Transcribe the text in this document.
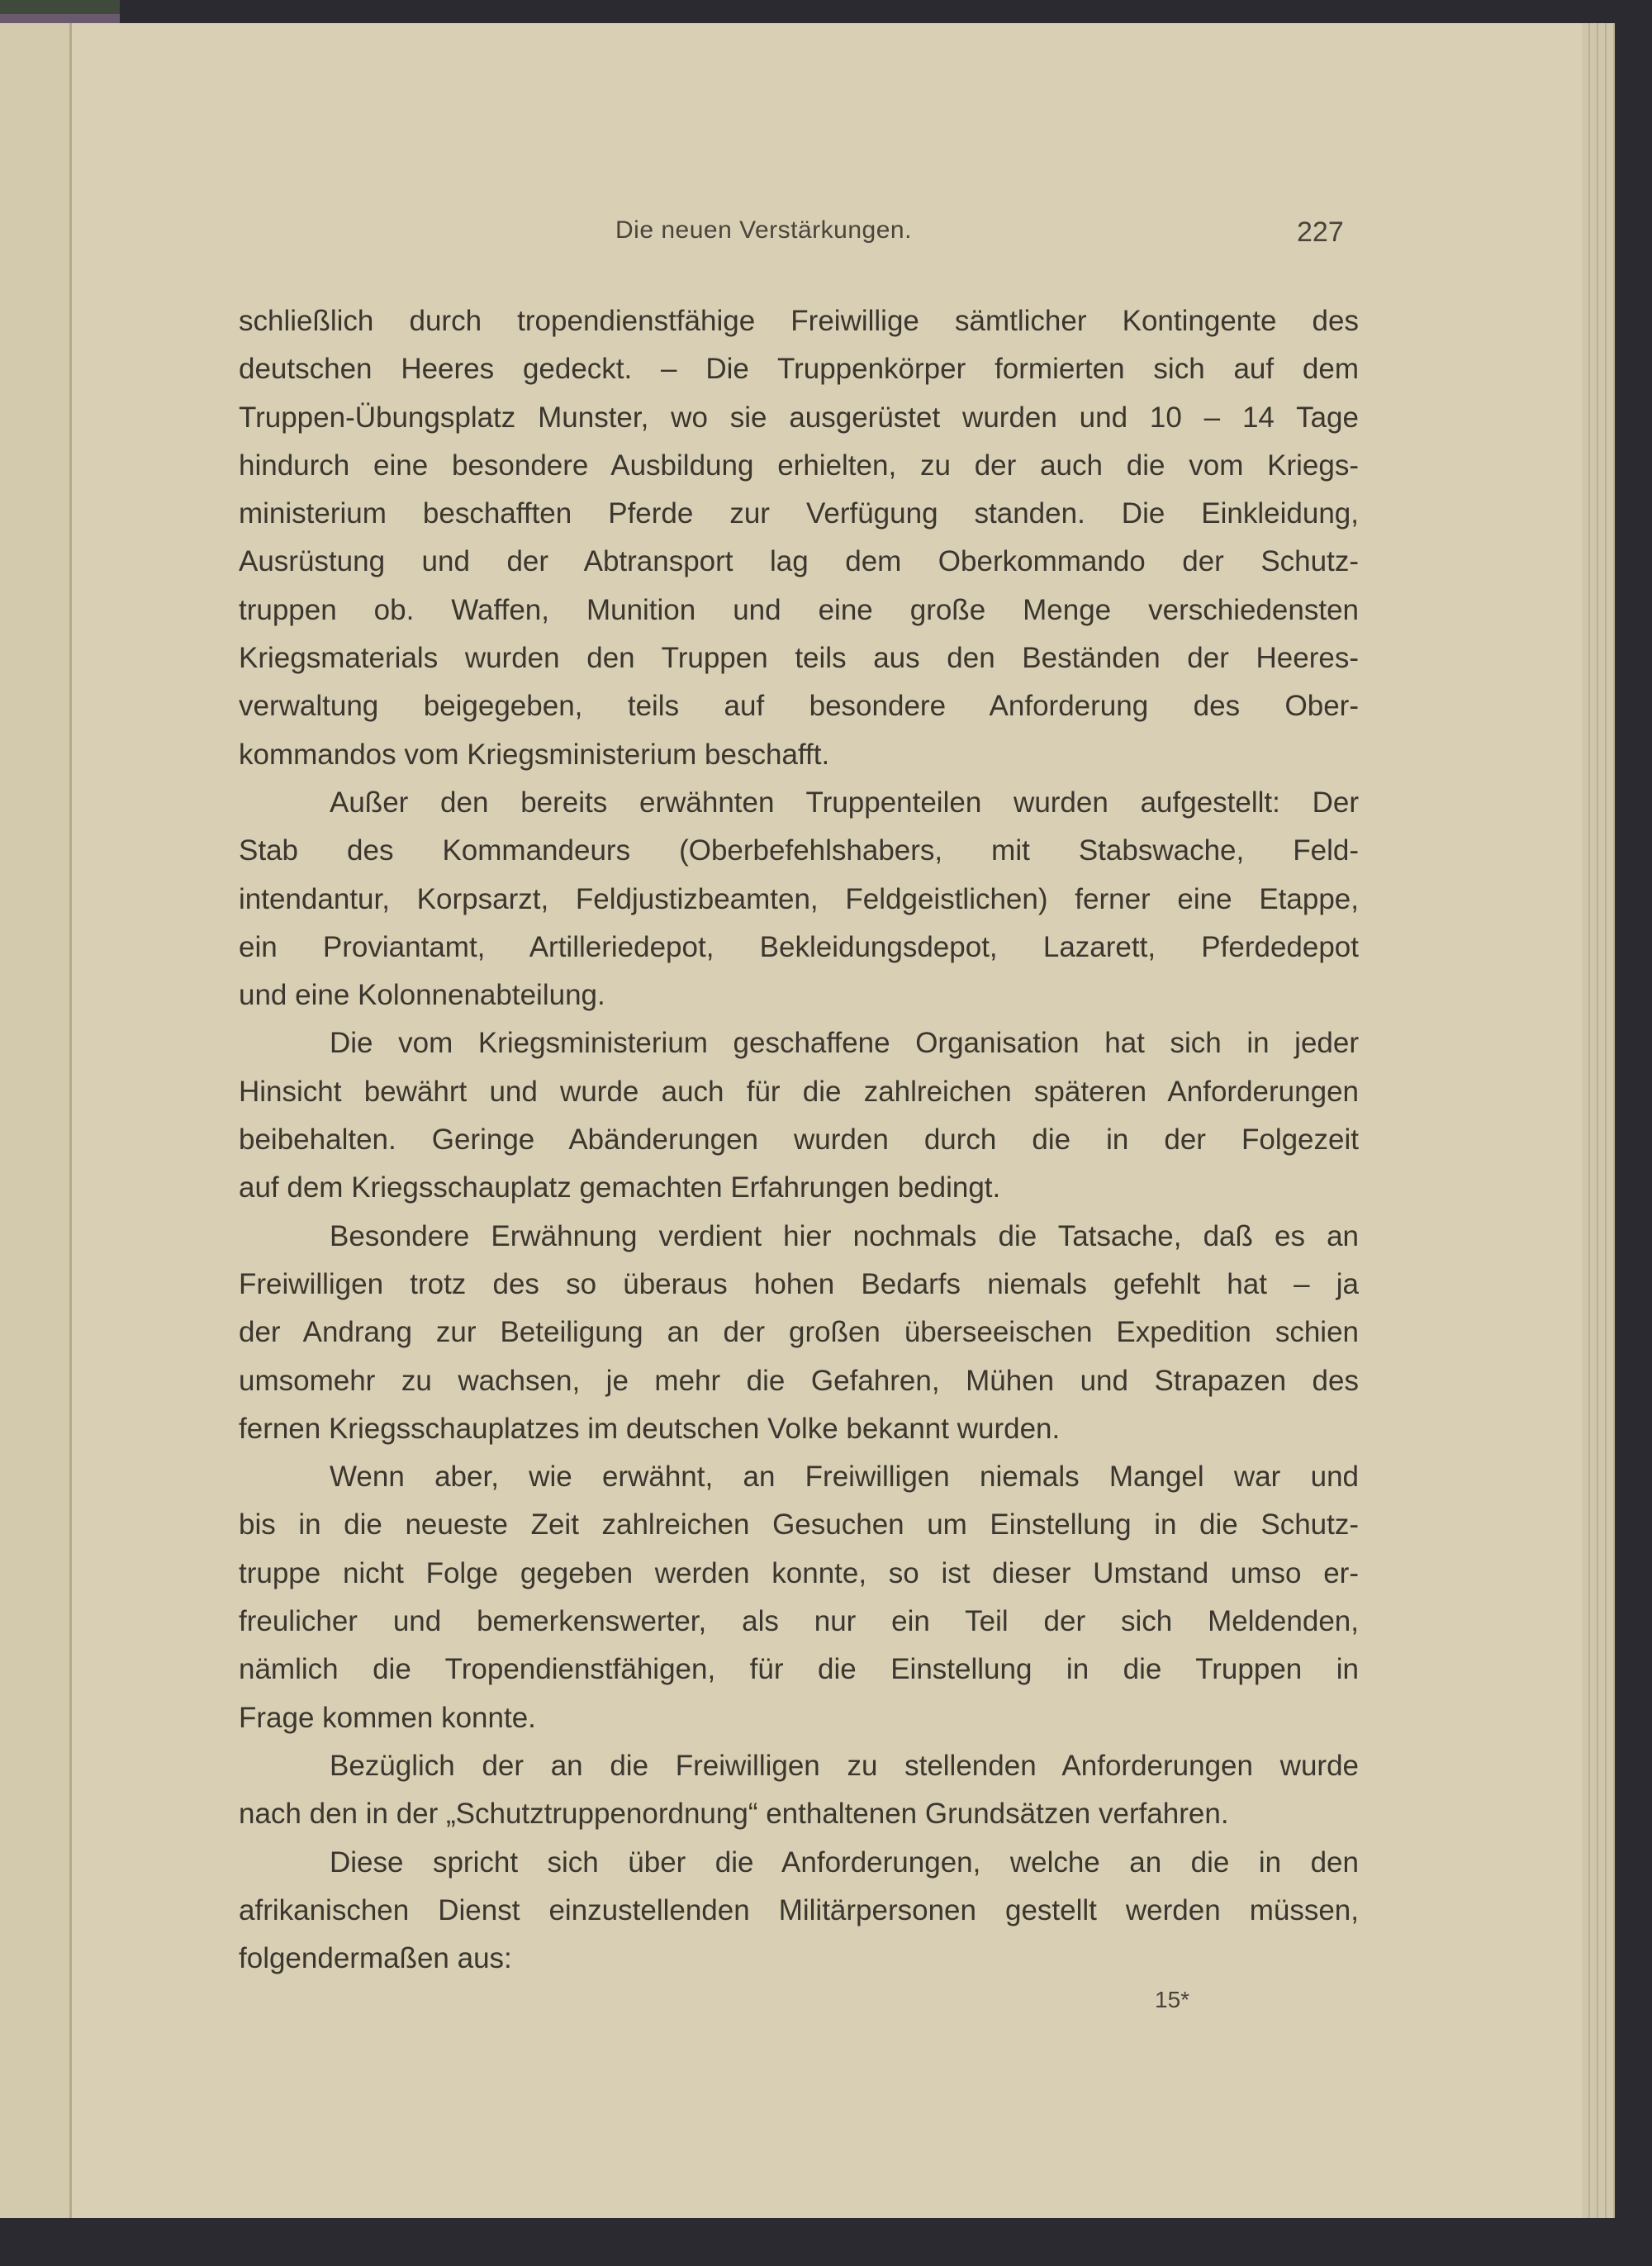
Die neuen Verstärkungen.	227
schließlich durch tropendienstfähige Freiwillige sämtlicher Kontingente des
deutschen Heeres gedeckt. – Die Truppenkörper formierten sich auf dem
Truppen-Übungsplatz Munster, wo sie ausgerüstet wurden und 10 – 14 Tage
hindurch eine besondere Ausbildung erhielten, zu der auch die vom Kriegs-
ministerium beschafften Pferde zur Verfügung standen. Die Einkleidung,
Ausrüstung und der Abtransport lag dem Oberkommando der Schutz-
truppen ob. Waffen, Munition und eine große Menge verschiedensten
Kriegsmaterials wurden den Truppen teils aus den Beständen der Heeres-
verwaltung beigegeben, teils auf besondere Anforderung des Ober-
kommandos vom Kriegsministerium beschafft.
Außer den bereits erwähnten Truppenteilen wurden aufgestellt: Der
Stab des Kommandeurs (Oberbefehlshabers, mit Stabswache, Feld-
intendantur, Korpsarzt, Feldjustizbeamten, Feldgeistlichen) ferner eine Etappe,
ein Proviantamt, Artilleriedepot, Bekleidungsdepot, Lazarett, Pferdedepot
und eine Kolonnenabteilung.
Die vom Kriegsministerium geschaffene Organisation hat sich in jeder
Hinsicht bewährt und wurde auch für die zahlreichen späteren Anforderungen
beibehalten. Geringe Abänderungen wurden durch die in der Folgezeit
auf dem Kriegsschauplatz gemachten Erfahrungen bedingt.
Besondere Erwähnung verdient hier nochmals die Tatsache, daß es an
Freiwilligen trotz des so überaus hohen Bedarfs niemals gefehlt hat – ja
der Andrang zur Beteiligung an der großen überseeischen Expedition schien
umsomehr zu wachsen, je mehr die Gefahren, Mühen und Strapazen des
fernen Kriegsschauplatzes im deutschen Volke bekannt wurden.
Wenn aber, wie erwähnt, an Freiwilligen niemals Mangel war und
bis in die neueste Zeit zahlreichen Gesuchen um Einstellung in die Schutz-
truppe nicht Folge gegeben werden konnte, so ist dieser Umstand umso er-
freulicher und bemerkenswerter, als nur ein Teil der sich Meldenden,
nämlich die Tropendienstfähigen, für die Einstellung in die Truppen in
Frage kommen konnte.
Bezüglich der an die Freiwilligen zu stellenden Anforderungen wurde
nach den in der „Schutztruppenordnung“ enthaltenen Grundsätzen verfahren.
Diese spricht sich über die Anforderungen, welche an die in den
afrikanischen Dienst einzustellenden Militärpersonen gestellt werden müssen,
folgendermaßen aus:
15*
